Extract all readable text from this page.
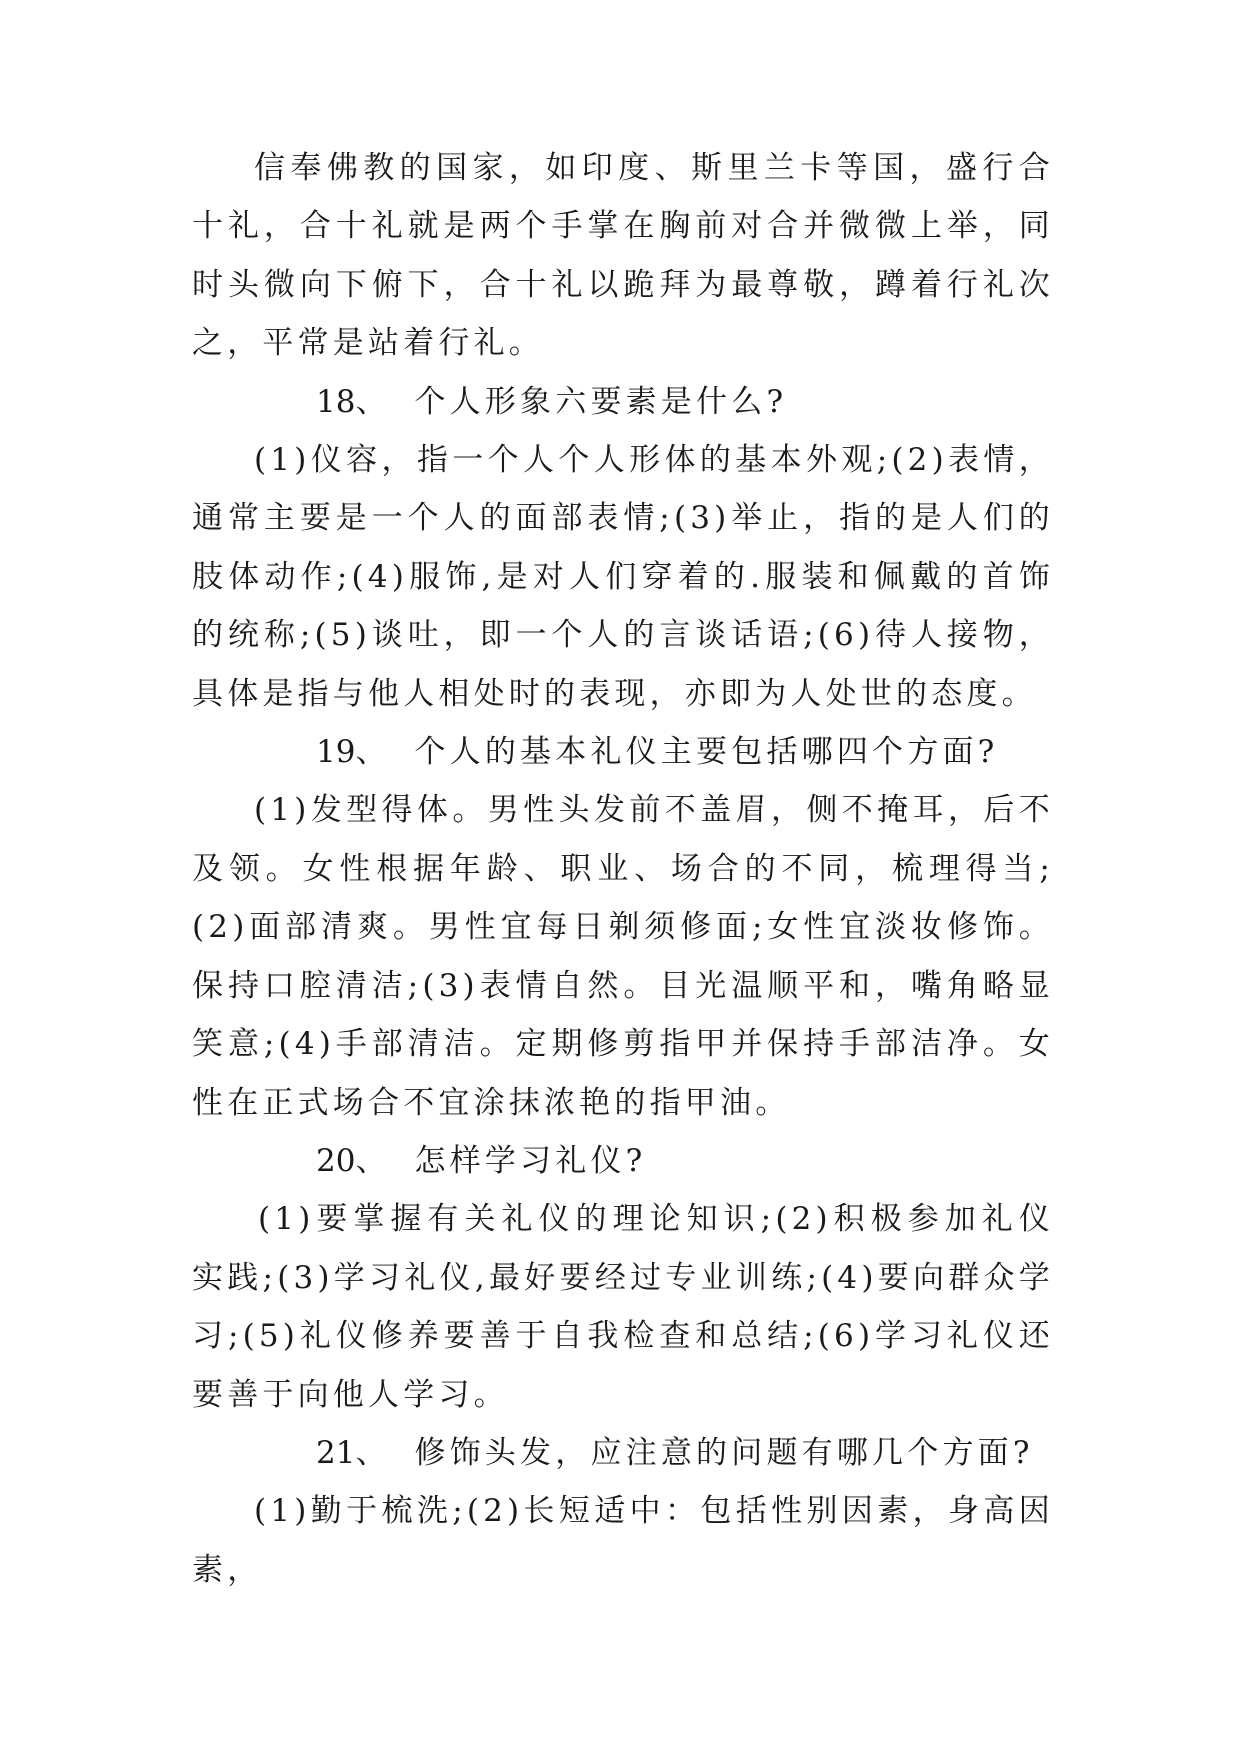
信奉佛教的国家，如印度、斯里兰卡等国，盛行合十礼，合十礼就是两个手掌在胸前对合并微微上举，同时头微向下俯下，合十礼以跪拜为最尊敬，蹲着行礼次之，平常是站着行礼。

18、 个人形象六要素是什么?

(1)仪容，指一个人个人形体的基本外观;(2)表情，通常主要是一个人的面部表情;(3)举止，指的是人们的肢体动作;(4)服饰,是对人们穿着的.服装和佩戴的首饰的统称;(5)谈吐，即一个人的言谈话语;(6)待人接物，具体是指与他人相处时的表现，亦即为人处世的态度。

19、 个人的基本礼仪主要包括哪四个方面?

(1)发型得体。男性头发前不盖眉，侧不掩耳，后不及领。女性根据年龄、职业、场合的不同，梳理得当;(2)面部清爽。男性宜每日剃须修面;女性宜淡妆修饰。保持口腔清洁;(3)表情自然。目光温顺平和，嘴角略显笑意;(4)手部清洁。定期修剪指甲并保持手部洁净。女性在正式场合不宜涂抹浓艳的指甲油。

20、 怎样学习礼仪?

(1)要掌握有关礼仪的理论知识;(2)积极参加礼仪实践;(3)学习礼仪,最好要经过专业训练;(4)要向群众学习;(5)礼仪修养要善于自我检查和总结;(6)学习礼仪还要善于向他人学习。

21、 修饰头发，应注意的问题有哪几个方面?

(1)勤于梳洗;(2)长短适中：包括性别因素，身高因素，
